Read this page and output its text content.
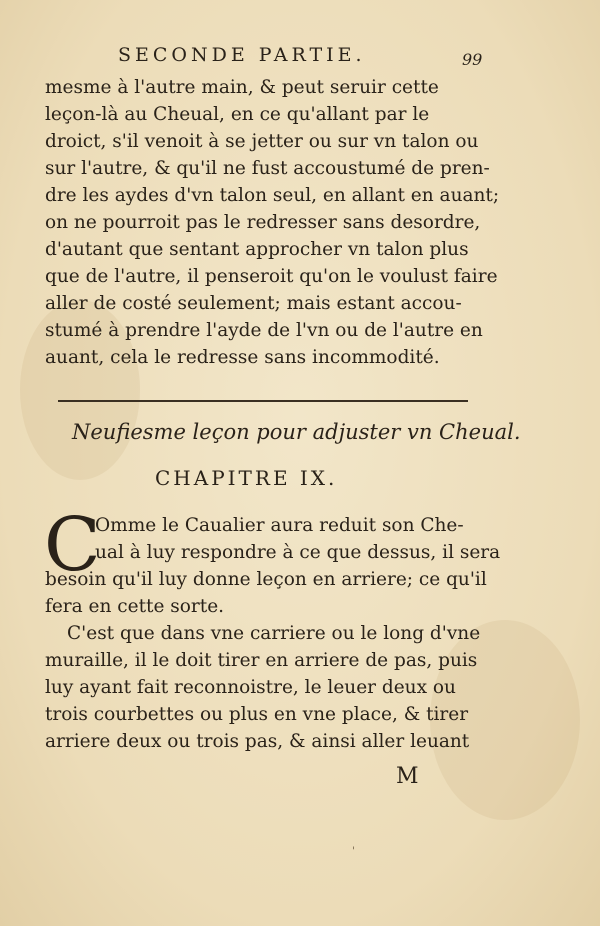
SECONDE PARTIE.	99
mesme à l'autre main, & peut seruir cette
leçon-là au Cheual, en ce qu'allant par le
droict, s'il venoit à se jetter ou sur vn talon ou
sur l'autre, & qu'il ne fust accoustumé de pren-
dre les aydes d'vn talon seul, en allant en auant;
on ne pourroit pas le redresser sans desordre,
d'autant que sentant approcher vn talon plus
que de l'autre, il penseroit qu'on le voulust faire
aller de costé seulement; mais estant accou-
stumé à prendre l'ayde de l'vn ou de l'autre en
auant, cela le redresse sans incommodité.
Neufiesme leçon pour adjuster vn Cheual.
CHAPITRE IX.
C
Omme le Caualier aura reduit son Che-
ual à luy respondre à ce que dessus, il sera
besoin qu'il luy donne leçon en arriere; ce qu'il
fera en cette sorte.
C'est que dans vne carriere ou le long d'vne
muraille, il le doit tirer en arriere de pas, puis
luy ayant fait reconnoistre, le leuer deux ou
trois courbettes ou plus en vne place, & tirer
arriere deux ou trois pas, & ainsi aller leuant
M
'
